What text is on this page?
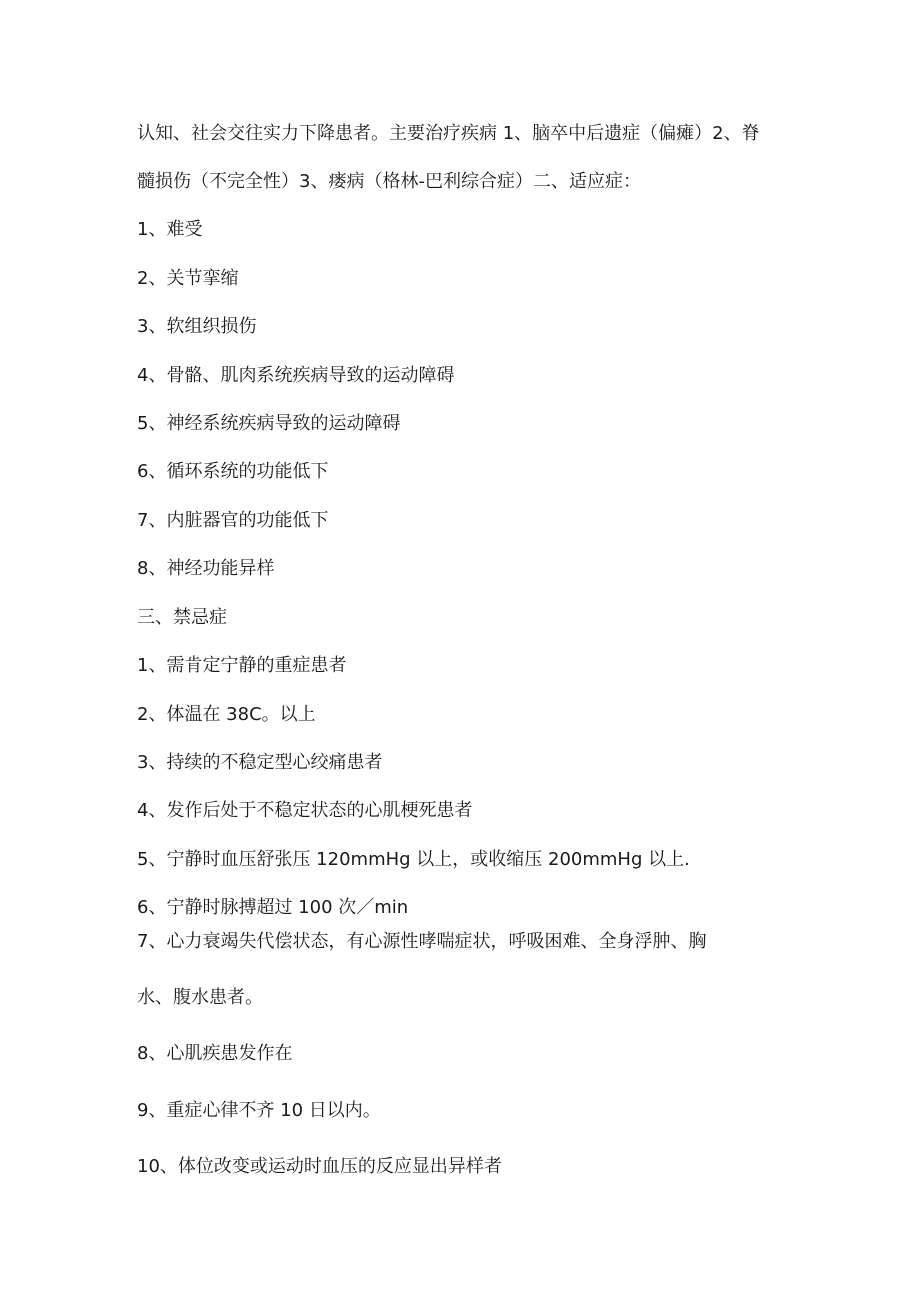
认知、社会交往实力下降患者。主要治疗疾病 1、脑卒中后遗症（偏瘫）2、脊
髓损伤（不完全性）3、瘘病（格林-巴利综合症）二、适应症：
1、难受
2、关节挛缩
3、软组织损伤
4、骨骼、肌肉系统疾病导致的运动障碍
5、神经系统疾病导致的运动障碍
6、循环系统的功能低下
7、内脏器官的功能低下
8、神经功能异样
三、禁忌症
1、需肯定宁静的重症患者
2、体温在 38C。以上
3、持续的不稳定型心绞痛患者
4、发作后处于不稳定状态的心肌梗死患者
5、宁静时血压舒张压 120mmHg 以上，或收缩压 200mmHg 以上.
6、宁静时脉搏超过 100 次／min
7、心力衰竭失代偿状态，有心源性哮喘症状，呼吸困难、全身浮肿、胸
水、腹水患者。
8、心肌疾患发作在
9、重症心律不齐 10 日以内。
10、体位改变或运动时血压的反应显出异样者
